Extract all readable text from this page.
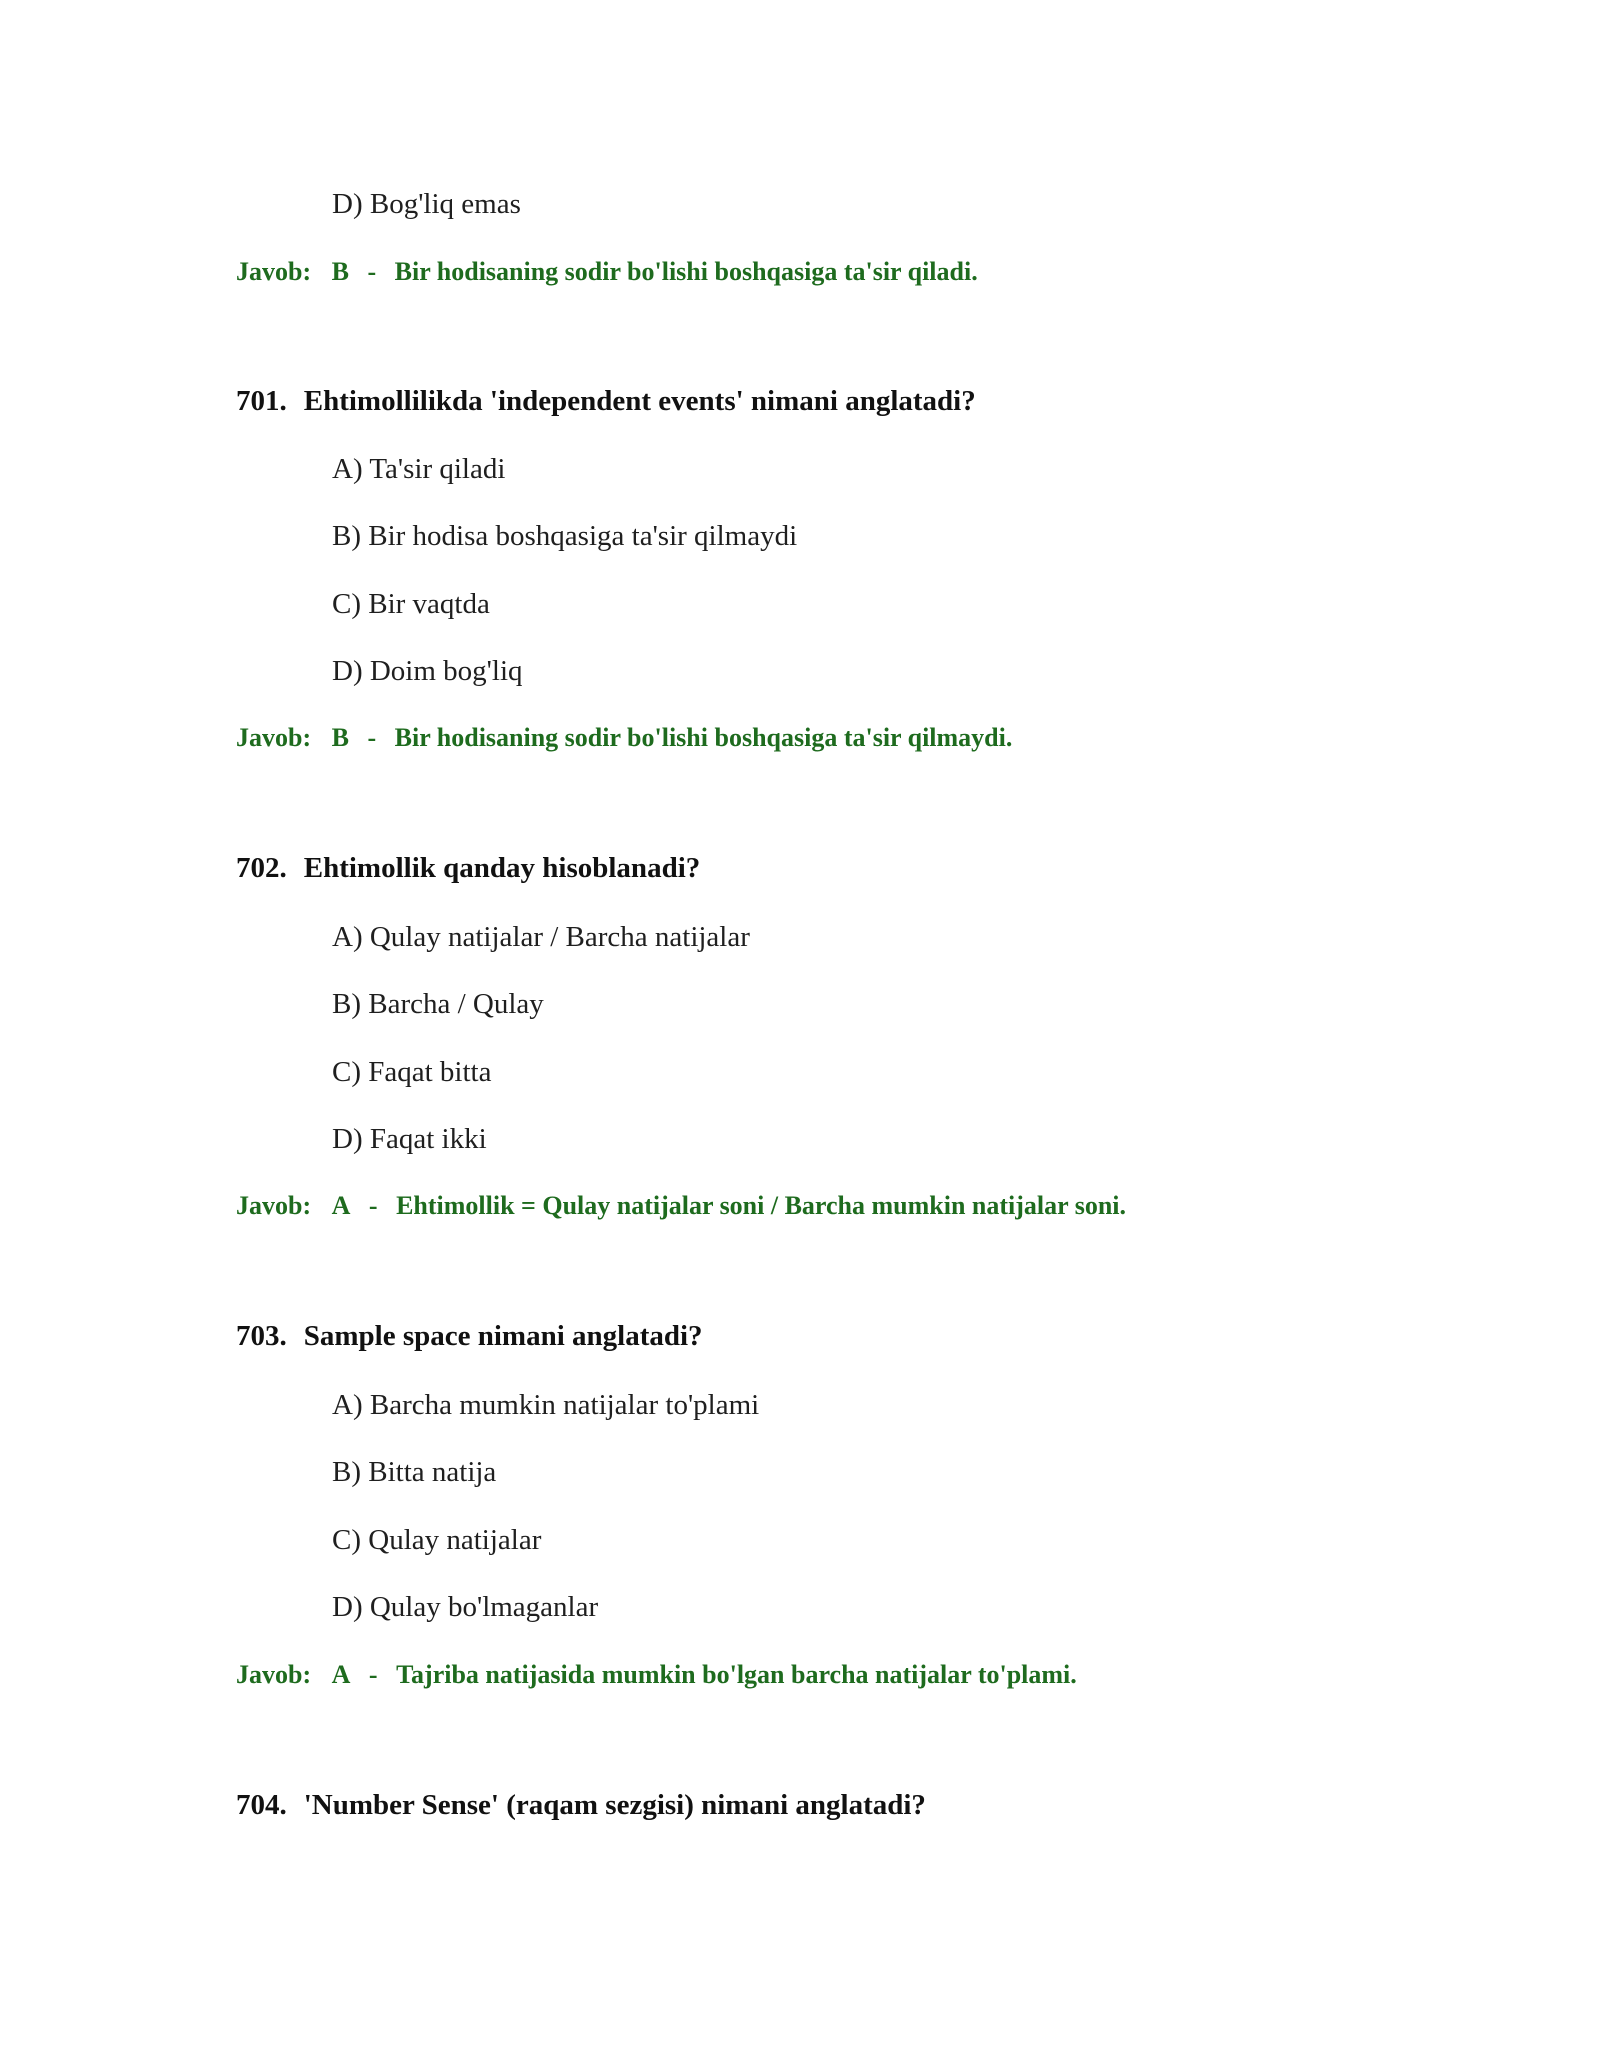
D) Bog'liq emas
Javob: B - Bir hodisaning sodir bo'lishi boshqasiga ta'sir qiladi.
701. Ehtimollilikda 'independent events' nimani anglatadi?
A) Ta'sir qiladi
B) Bir hodisa boshqasiga ta'sir qilmaydi
C) Bir vaqtda
D) Doim bog'liq
Javob: B - Bir hodisaning sodir bo'lishi boshqasiga ta'sir qilmaydi.
702. Ehtimollik qanday hisoblanadi?
A) Qulay natijalar / Barcha natijalar
B) Barcha / Qulay
C) Faqat bitta
D) Faqat ikki
Javob: A - Ehtimollik = Qulay natijalar soni / Barcha mumkin natijalar soni.
703. Sample space nimani anglatadi?
A) Barcha mumkin natijalar to'plami
B) Bitta natija
C) Qulay natijalar
D) Qulay bo'lmaganlar
Javob: A - Tajriba natijasida mumkin bo'lgan barcha natijalar to'plami.
704. 'Number Sense' (raqam sezgisi) nimani anglatadi?
